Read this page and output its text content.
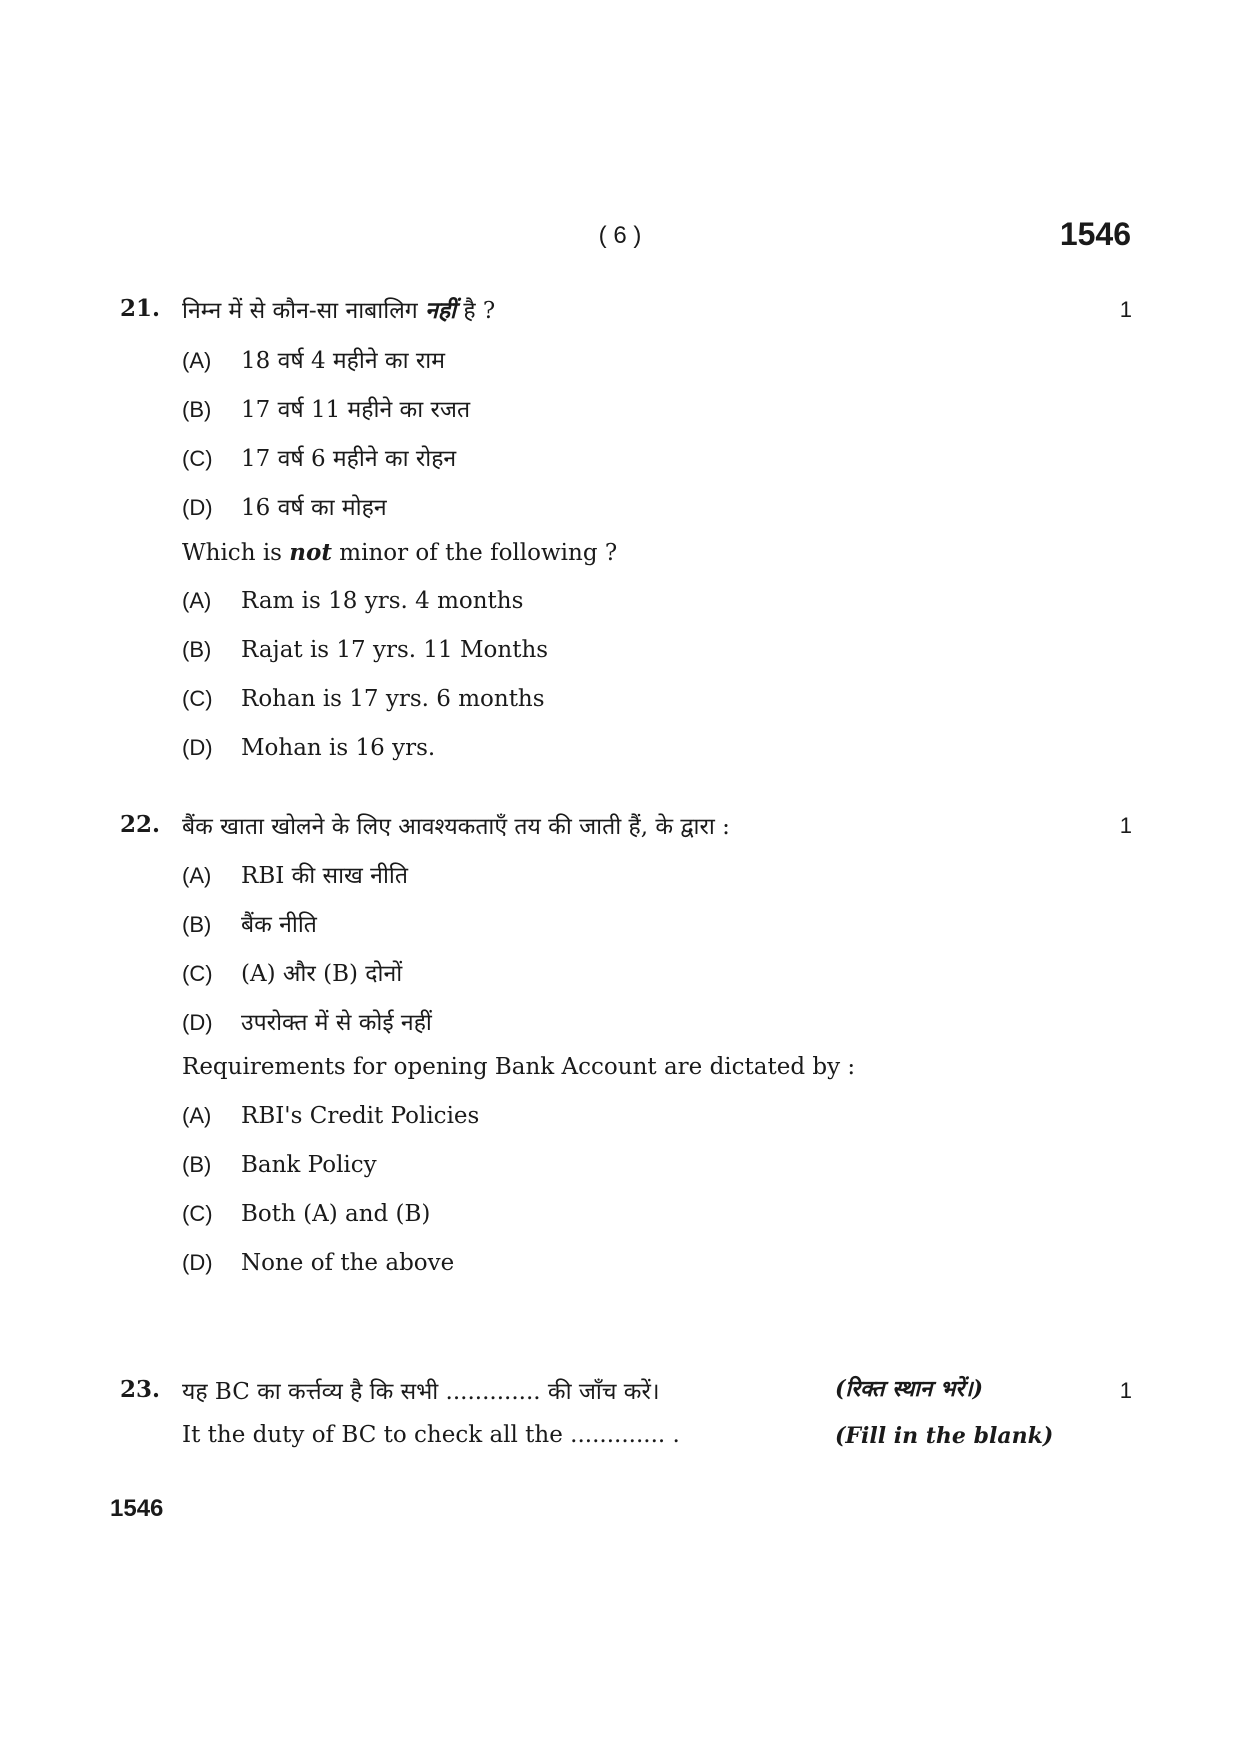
( 6 )	1546
21.	1
निम्न में से कौन-सा नाबालिग नहीं है ?
(A) 18 वर्ष 4 महीने का राम
(B) 17 वर्ष 11 महीने का रजत
(C) 17 वर्ष 6 महीने का रोहन
(D) 16 वर्ष का मोहन
Which is not minor of the following ?
(A) Ram is 18 yrs. 4 months
(B) Rajat is 17 yrs. 11 Months
(C) Rohan is 17 yrs. 6 months
(D) Mohan is 16 yrs.
22.	1
बैंक खाता खोलने के लिए आवश्यकताएँ तय की जाती हैं, के द्वारा :
(A) RBI की साख नीति
(B) बैंक नीति
(C) (A) और (B) दोनों
(D) उपरोक्त में से कोई नहीं
Requirements for opening Bank Account are dictated by :
(A) RBI's Credit Policies
(B) Bank Policy
(C) Both (A) and (B)
(D) None of the above
23.	1
यह BC का कर्त्तव्य है कि सभी ............. की जाँच करें।	(रिक्त स्थान भरें।)
It the duty of BC to check all the ............. .	(Fill in the blank)
1546
